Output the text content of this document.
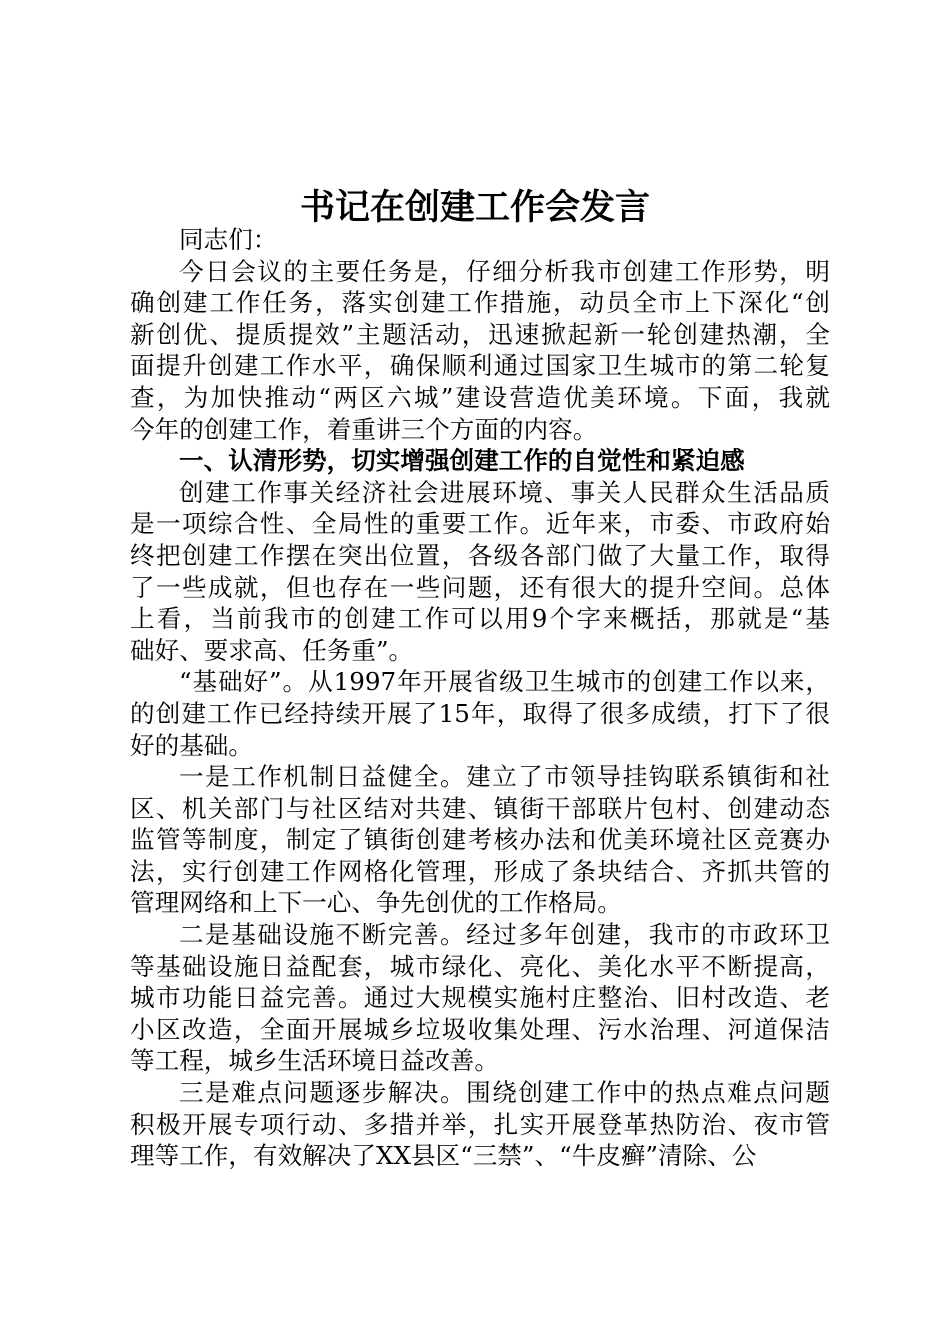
书记在创建工作会发言

同志们：

今日会议的主要任务是，仔细分析我市创建工作形势，明
确创建工作任务，落实创建工作措施，动员全市上下深化“创
新创优、提质提效”主题活动，迅速掀起新一轮创建热潮，全
面提升创建工作水平，确保顺利通过国家卫生城市的第二轮复
查，为加快推动“两区六城”建设营造优美环境。下面，我就
今年的创建工作，着重讲三个方面的内容。

一、认清形势，切实增强创建工作的自觉性和紧迫感

创建工作事关经济社会进展环境、事关人民群众生活品质
是一项综合性、全局性的重要工作。近年来，市委、市政府始
终把创建工作摆在突出位置，各级各部门做了大量工作，取得
了一些成就，但也存在一些问题，还有很大的提升空间。总体
上看，当前我市的创建工作可以用9个字来概括，那就是“基
础好、要求高、任务重”。

“基础好”。从1997年开展省级卫生城市的创建工作以来，
的创建工作已经持续开展了15年，取得了很多成绩，打下了很
好的基础。

一是工作机制日益健全。建立了市领导挂钩联系镇街和社
区、机关部门与社区结对共建、镇街干部联片包村、创建动态
监管等制度，制定了镇街创建考核办法和优美环境社区竞赛办
法，实行创建工作网格化管理，形成了条块结合、齐抓共管的
管理网络和上下一心、争先创优的工作格局。

二是基础设施不断完善。经过多年创建，我市的市政环卫
等基础设施日益配套，城市绿化、亮化、美化水平不断提高，
城市功能日益完善。通过大规模实施村庄整治、旧村改造、老
小区改造，全面开展城乡垃圾收集处理、污水治理、河道保洁
等工程，城乡生活环境日益改善。

三是难点问题逐步解决。围绕创建工作中的热点难点问题
积极开展专项行动、多措并举，扎实开展登革热防治、夜市管
理等工作，有效解决了XX县区“三禁”、“牛皮癣”清除、公
